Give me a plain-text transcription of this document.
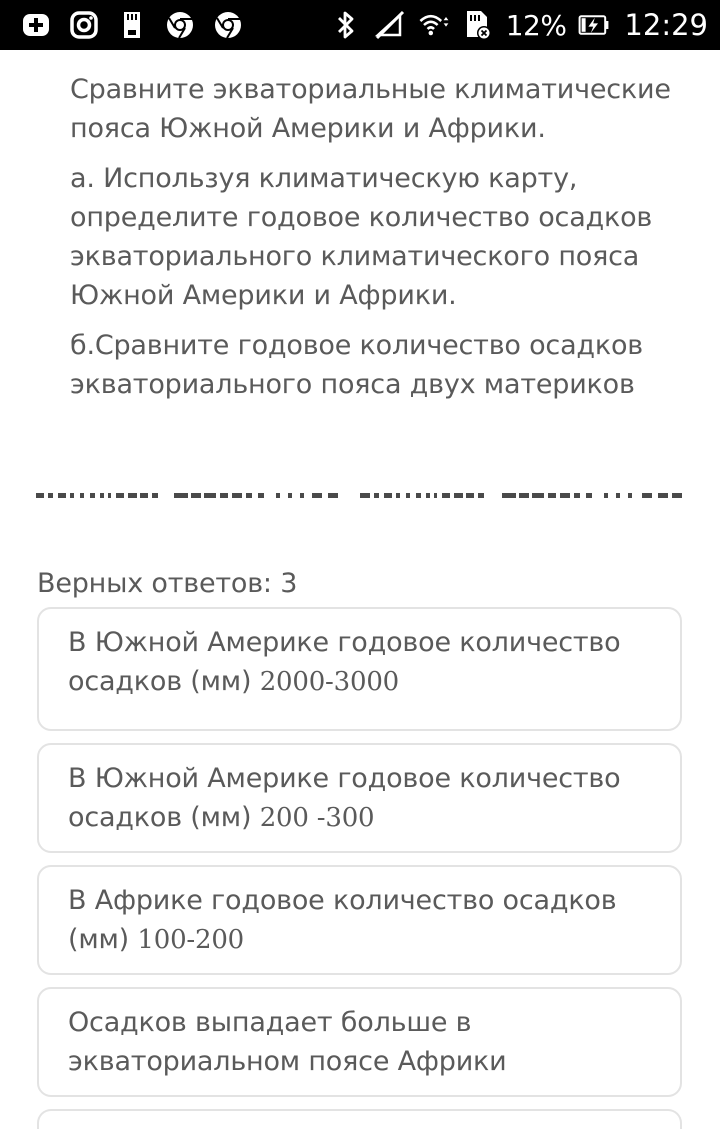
12% 12:29

Сравните экваториальные климатические пояса Южной Америки и Африки.

а. Используя климатическую карту, определите годовое количество осадков экваториального климатического пояса Южной Америки и Африки.

б.Сравните годовое количество осадков экваториального пояса двух материков

Верных ответов: 3
В Южной Америке годовое количество осадков (мм) 2000-3000
В Южной Америке годовое количество осадков (мм) 200 -300
В Африке годовое количество осадков (мм) 100-200
Осадков выпадает больше в экваториальном поясе Африки
